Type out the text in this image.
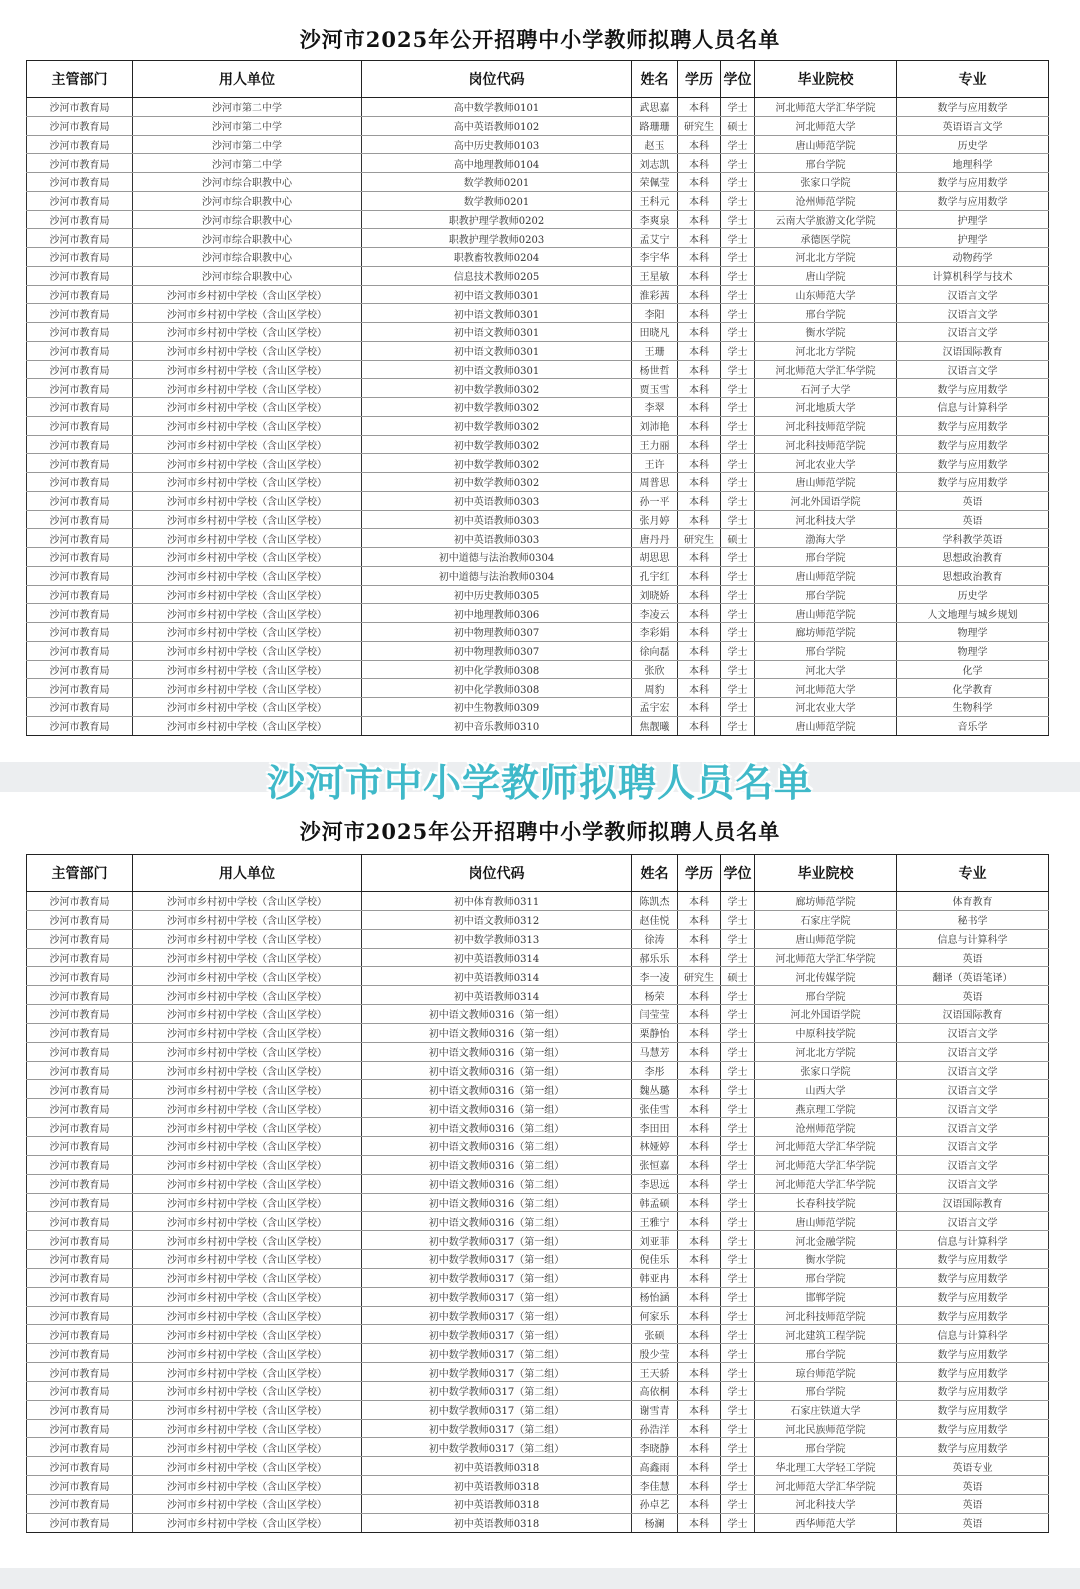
沙河市2025年公开招聘中小学教师拟聘人员名单
主管部门	用人单位	岗位代码	姓名	学历	学位	毕业院校	专业
沙河市教育局	沙河市第二中学	高中数学教师0101	武思嘉	本科	学士	河北师范大学汇华学院	数学与应用数学
沙河市教育局	沙河市第二中学	高中英语教师0102	路珊珊	研究生	硕士	河北师范大学	英语语言文学
沙河市教育局	沙河市第二中学	高中历史教师0103	赵玉	本科	学士	唐山师范学院	历史学
沙河市教育局	沙河市第二中学	高中地理教师0104	刘志凯	本科	学士	邢台学院	地理科学
沙河市教育局	沙河市综合职教中心	数学教师0201	荣佩莹	本科	学士	张家口学院	数学与应用数学
沙河市教育局	沙河市综合职教中心	数学教师0201	王科元	本科	学士	沧州师范学院	数学与应用数学
沙河市教育局	沙河市综合职教中心	职教护理学教师0202	李爽泉	本科	学士	云南大学旅游文化学院	护理学
沙河市教育局	沙河市综合职教中心	职教护理学教师0203	孟艾宁	本科	学士	承德医学院	护理学
沙河市教育局	沙河市综合职教中心	职教畜牧教师0204	李宇华	本科	学士	河北北方学院	动物药学
沙河市教育局	沙河市综合职教中心	信息技术教师0205	王星敏	本科	学士	唐山学院	计算机科学与技术
沙河市教育局	沙河市乡村初中学校（含山区学校）	初中语文教师0301	淮彩茜	本科	学士	山东师范大学	汉语言文学
沙河市教育局	沙河市乡村初中学校（含山区学校）	初中语文教师0301	李阳	本科	学士	邢台学院	汉语言文学
沙河市教育局	沙河市乡村初中学校（含山区学校）	初中语文教师0301	田晓凡	本科	学士	衡水学院	汉语言文学
沙河市教育局	沙河市乡村初中学校（含山区学校）	初中语文教师0301	王珊	本科	学士	河北北方学院	汉语国际教育
沙河市教育局	沙河市乡村初中学校（含山区学校）	初中语文教师0301	杨世哲	本科	学士	河北师范大学汇华学院	汉语言文学
沙河市教育局	沙河市乡村初中学校（含山区学校）	初中数学教师0302	贾玉雪	本科	学士	石河子大学	数学与应用数学
沙河市教育局	沙河市乡村初中学校（含山区学校）	初中数学教师0302	李翠	本科	学士	河北地质大学	信息与计算科学
沙河市教育局	沙河市乡村初中学校（含山区学校）	初中数学教师0302	刘沛艳	本科	学士	河北科技师范学院	数学与应用数学
沙河市教育局	沙河市乡村初中学校（含山区学校）	初中数学教师0302	王力丽	本科	学士	河北科技师范学院	数学与应用数学
沙河市教育局	沙河市乡村初中学校（含山区学校）	初中数学教师0302	王许	本科	学士	河北农业大学	数学与应用数学
沙河市教育局	沙河市乡村初中学校（含山区学校）	初中数学教师0302	周普思	本科	学士	唐山师范学院	数学与应用数学
沙河市教育局	沙河市乡村初中学校（含山区学校）	初中英语教师0303	孙一平	本科	学士	河北外国语学院	英语
沙河市教育局	沙河市乡村初中学校（含山区学校）	初中英语教师0303	张月婷	本科	学士	河北科技大学	英语
沙河市教育局	沙河市乡村初中学校（含山区学校）	初中英语教师0303	唐丹丹	研究生	硕士	渤海大学	学科教学英语
沙河市教育局	沙河市乡村初中学校（含山区学校）	初中道德与法治教师0304	胡思思	本科	学士	邢台学院	思想政治教育
沙河市教育局	沙河市乡村初中学校（含山区学校）	初中道德与法治教师0304	孔宇红	本科	学士	唐山师范学院	思想政治教育
沙河市教育局	沙河市乡村初中学校（含山区学校）	初中历史教师0305	刘晓娇	本科	学士	邢台学院	历史学
沙河市教育局	沙河市乡村初中学校（含山区学校）	初中地理教师0306	李凌云	本科	学士	唐山师范学院	人文地理与城乡规划
沙河市教育局	沙河市乡村初中学校（含山区学校）	初中物理教师0307	李彩娟	本科	学士	廊坊师范学院	物理学
沙河市教育局	沙河市乡村初中学校（含山区学校）	初中物理教师0307	徐向磊	本科	学士	邢台学院	物理学
沙河市教育局	沙河市乡村初中学校（含山区学校）	初中化学教师0308	张欣	本科	学士	河北大学	化学
沙河市教育局	沙河市乡村初中学校（含山区学校）	初中化学教师0308	周豹	本科	学士	河北师范大学	化学教育
沙河市教育局	沙河市乡村初中学校（含山区学校）	初中生物教师0309	孟宇宏	本科	学士	河北农业大学	生物科学
沙河市教育局	沙河市乡村初中学校（含山区学校）	初中音乐教师0310	焦靓曦	本科	学士	唐山师范学院	音乐学
沙河市2025年公开招聘中小学教师拟聘人员名单
主管部门	用人单位	岗位代码	姓名	学历	学位	毕业院校	专业
沙河市教育局	沙河市乡村初中学校（含山区学校）	初中体育教师0311	陈凯杰	本科	学士	廊坊师范学院	体育教育
沙河市教育局	沙河市乡村初中学校（含山区学校）	初中语文教师0312	赵佳悦	本科	学士	石家庄学院	秘书学
沙河市教育局	沙河市乡村初中学校（含山区学校）	初中数学教师0313	徐涛	本科	学士	唐山师范学院	信息与计算科学
沙河市教育局	沙河市乡村初中学校（含山区学校）	初中英语教师0314	郝乐乐	本科	学士	河北师范大学汇华学院	英语
沙河市教育局	沙河市乡村初中学校（含山区学校）	初中英语教师0314	李一凌	研究生	硕士	河北传媒学院	翻译（英语笔译）
沙河市教育局	沙河市乡村初中学校（含山区学校）	初中英语教师0314	杨荣	本科	学士	邢台学院	英语
沙河市教育局	沙河市乡村初中学校（含山区学校）	初中语文教师0316（第一组）	闫莹莹	本科	学士	河北外国语学院	汉语国际教育
沙河市教育局	沙河市乡村初中学校（含山区学校）	初中语文教师0316（第一组）	栗静怡	本科	学士	中原科技学院	汉语言文学
沙河市教育局	沙河市乡村初中学校（含山区学校）	初中语文教师0316（第一组）	马慧芳	本科	学士	河北北方学院	汉语言文学
沙河市教育局	沙河市乡村初中学校（含山区学校）	初中语文教师0316（第一组）	李彤	本科	学士	张家口学院	汉语言文学
沙河市教育局	沙河市乡村初中学校（含山区学校）	初中语文教师0316（第一组）	魏丛璐	本科	学士	山西大学	汉语言文学
沙河市教育局	沙河市乡村初中学校（含山区学校）	初中语文教师0316（第一组）	张佳雪	本科	学士	燕京理工学院	汉语言文学
沙河市教育局	沙河市乡村初中学校（含山区学校）	初中语文教师0316（第二组）	李田田	本科	学士	沧州师范学院	汉语言文学
沙河市教育局	沙河市乡村初中学校（含山区学校）	初中语文教师0316（第二组）	林娅婷	本科	学士	河北师范大学汇华学院	汉语言文学
沙河市教育局	沙河市乡村初中学校（含山区学校）	初中语文教师0316（第二组）	张恒嘉	本科	学士	河北师范大学汇华学院	汉语言文学
沙河市教育局	沙河市乡村初中学校（含山区学校）	初中语文教师0316（第二组）	李思远	本科	学士	河北师范大学汇华学院	汉语言文学
沙河市教育局	沙河市乡村初中学校（含山区学校）	初中语文教师0316（第二组）	韩孟硕	本科	学士	长春科技学院	汉语国际教育
沙河市教育局	沙河市乡村初中学校（含山区学校）	初中语文教师0316（第二组）	王雅宁	本科	学士	唐山师范学院	汉语言文学
沙河市教育局	沙河市乡村初中学校（含山区学校）	初中数学教师0317（第一组）	刘亚菲	本科	学士	河北金融学院	信息与计算科学
沙河市教育局	沙河市乡村初中学校（含山区学校）	初中数学教师0317（第一组）	倪佳乐	本科	学士	衡水学院	数学与应用数学
沙河市教育局	沙河市乡村初中学校（含山区学校）	初中数学教师0317（第一组）	韩亚冉	本科	学士	邢台学院	数学与应用数学
沙河市教育局	沙河市乡村初中学校（含山区学校）	初中数学教师0317（第一组）	杨怡涵	本科	学士	邯郸学院	数学与应用数学
沙河市教育局	沙河市乡村初中学校（含山区学校）	初中数学教师0317（第一组）	何家乐	本科	学士	河北科技师范学院	数学与应用数学
沙河市教育局	沙河市乡村初中学校（含山区学校）	初中数学教师0317（第一组）	张硕	本科	学士	河北建筑工程学院	信息与计算科学
沙河市教育局	沙河市乡村初中学校（含山区学校）	初中数学教师0317（第二组）	殷少莹	本科	学士	邢台学院	数学与应用数学
沙河市教育局	沙河市乡村初中学校（含山区学校）	初中数学教师0317（第二组）	王天骄	本科	学士	琼台师范学院	数学与应用数学
沙河市教育局	沙河市乡村初中学校（含山区学校）	初中数学教师0317（第二组）	高依桐	本科	学士	邢台学院	数学与应用数学
沙河市教育局	沙河市乡村初中学校（含山区学校）	初中数学教师0317（第二组）	谢雪青	本科	学士	石家庄铁道大学	数学与应用数学
沙河市教育局	沙河市乡村初中学校（含山区学校）	初中数学教师0317（第二组）	孙浩洋	本科	学士	河北民族师范学院	数学与应用数学
沙河市教育局	沙河市乡村初中学校（含山区学校）	初中数学教师0317（第二组）	李晓静	本科	学士	邢台学院	数学与应用数学
沙河市教育局	沙河市乡村初中学校（含山区学校）	初中英语教师0318	高鑫雨	本科	学士	华北理工大学轻工学院	英语专业
沙河市教育局	沙河市乡村初中学校（含山区学校）	初中英语教师0318	李佳慧	本科	学士	河北师范大学汇华学院	英语
沙河市教育局	沙河市乡村初中学校（含山区学校）	初中英语教师0318	孙卓艺	本科	学士	河北科技大学	英语
沙河市教育局	沙河市乡村初中学校（含山区学校）	初中英语教师0318	杨澜	本科	学士	西华师范大学	英语
沙河市中小学教师拟聘人员名单
